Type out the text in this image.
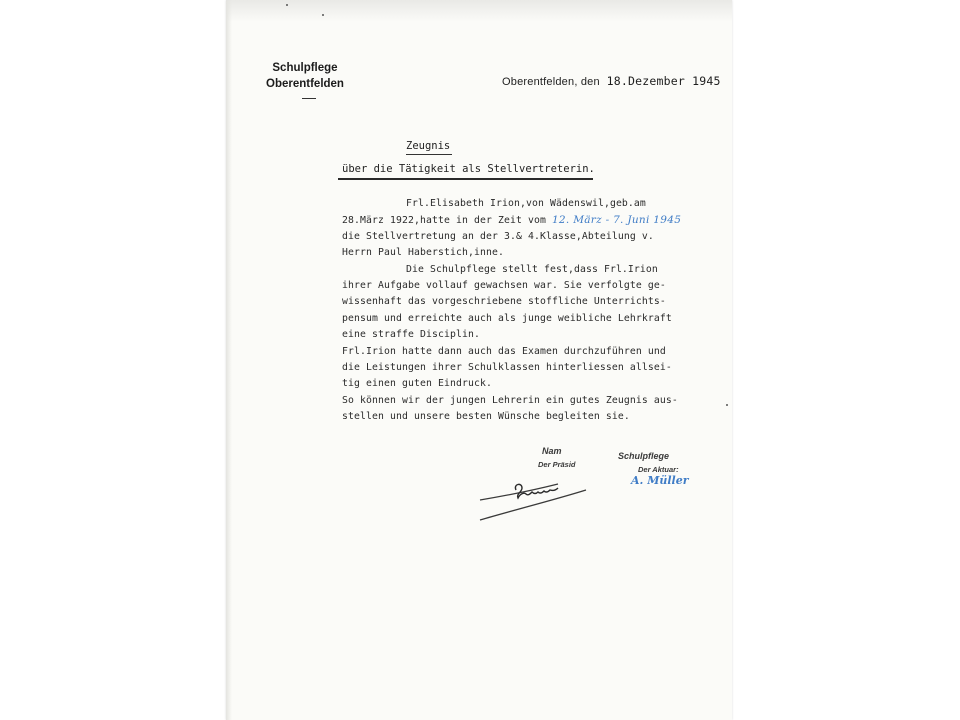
Schulpflege
Oberentfelden	Oberentfelden, den 18.Dezember 1945
Zeugnis
über die Tätigkeit als Stellvertreterin.
Frl.Elisabeth Irion,von Wädenswil,geb.am
28.März 1922,hatte in der Zeit vom 12. März - 7. Juni 1945
die Stellvertretung an der 3.& 4.Klasse,Abteilung v.
Herrn Paul Haberstich,inne.
Die Schulpflege stellt fest,dass Frl.Irion
ihrer Aufgabe vollauf gewachsen war. Sie verfolgte ge-
wissenhaft das vorgeschriebene stoffliche Unterrichts-
pensum und erreichte auch als junge weibliche Lehrkraft
eine straffe Disciplin.
Frl.Irion hatte dann auch das Examen durchzuführen und
die Leistungen ihrer Schulklassen hinterliessen allsei-
tig einen guten Eindruck.
So können wir der jungen Lehrerin ein gutes Zeugnis aus-
stellen und unsere besten Wünsche begleiten sie.
Nam	Schulpflege
Der Präsid
Der Aktuar:
A. Müller
